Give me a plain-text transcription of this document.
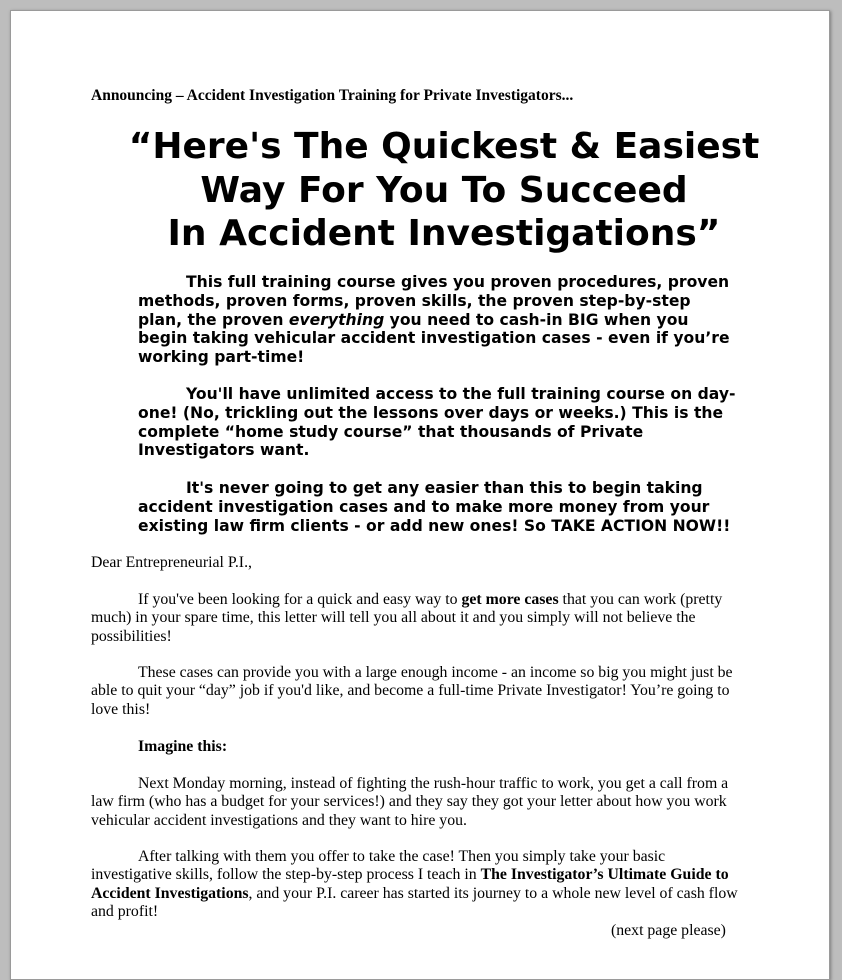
Announcing – Accident Investigation Training for Private Investigators...
“Here's The Quickest & Easiest
Way For You To Succeed
In Accident Investigations”
This full training course gives you proven procedures, proven
methods, proven forms, proven skills, the proven step-by-step
plan, the proven everything you need to cash-in BIG when you
begin taking vehicular accident investigation cases - even if you’re
working part-time!
You'll have unlimited access to the full training course on day-
one! (No, trickling out the lessons over days or weeks.) This is the
complete “home study course” that thousands of Private
Investigators want.
It's never going to get any easier than this to begin taking
accident investigation cases and to make more money from your
existing law firm clients - or add new ones! So TAKE ACTION NOW!!
Dear Entrepreneurial P.I.,
If you've been looking for a quick and easy way to get more cases that you can work (pretty
much) in your spare time, this letter will tell you all about it and you simply will not believe the
possibilities!
These cases can provide you with a large enough income - an income so big you might just be
able to quit your “day” job if you'd like, and become a full-time Private Investigator! You’re going to
love this!
Imagine this:
Next Monday morning, instead of fighting the rush-hour traffic to work, you get a call from a
law firm (who has a budget for your services!) and they say they got your letter about how you work
vehicular accident investigations and they want to hire you.
After talking with them you offer to take the case! Then you simply take your basic
investigative skills, follow the step-by-step process I teach in The Investigator’s Ultimate Guide to
Accident Investigations, and your P.I. career has started its journey to a whole new level of cash flow
and profit!
(next page please)
